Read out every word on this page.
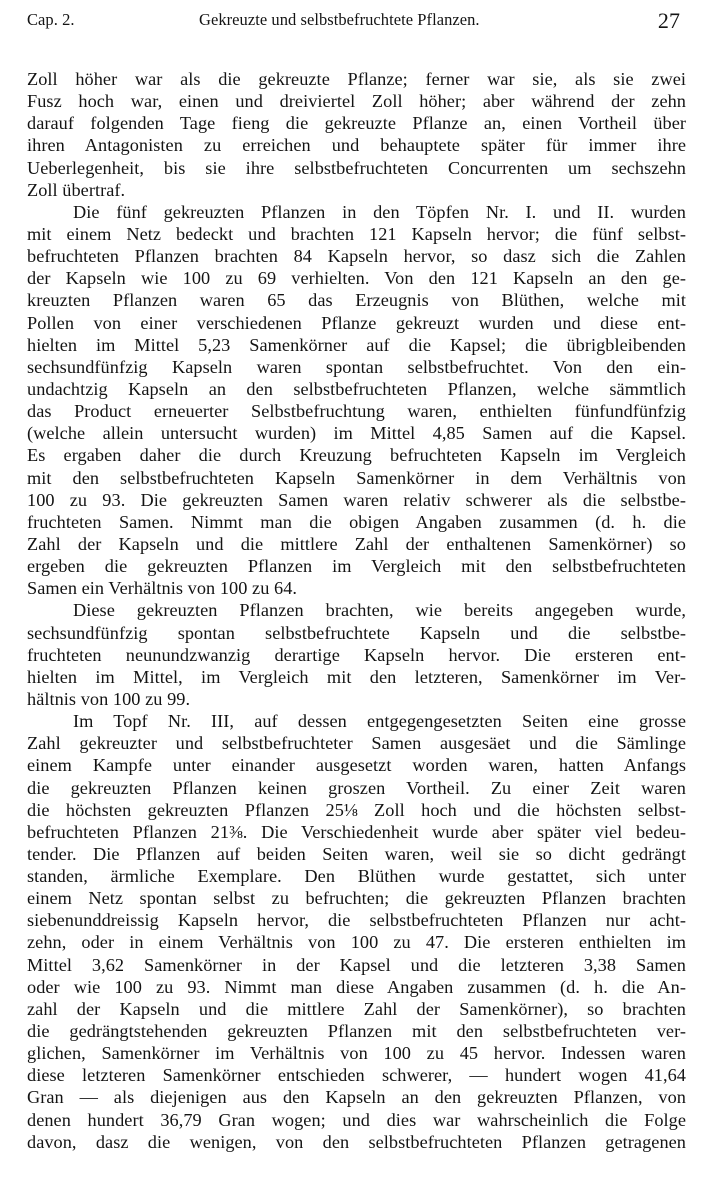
Cap. 2.	Gekreuzte und selbstbefruchtete Pflanzen.	27
Zoll höher war als die gekreuzte Pflanze; ferner war sie, als sie zwei
Fusz hoch war, einen und dreiviertel Zoll höher; aber während der zehn
darauf folgenden Tage fieng die gekreuzte Pflanze an, einen Vortheil über
ihren Antagonisten zu erreichen und behauptete später für immer ihre
Ueberlegenheit, bis sie ihre selbstbefruchteten Concurrenten um sechszehn
Zoll übertraf.
Die fünf gekreuzten Pflanzen in den Töpfen Nr. I. und II. wurden
mit einem Netz bedeckt und brachten 121 Kapseln hervor; die fünf selbst-
befruchteten Pflanzen brachten 84 Kapseln hervor, so dasz sich die Zahlen
der Kapseln wie 100 zu 69 verhielten. Von den 121 Kapseln an den ge-
kreuzten Pflanzen waren 65 das Erzeugnis von Blüthen, welche mit
Pollen von einer verschiedenen Pflanze gekreuzt wurden und diese ent-
hielten im Mittel 5,23 Samenkörner auf die Kapsel; die übrigbleibenden
sechsundfünfzig Kapseln waren spontan selbstbefruchtet. Von den ein-
undachtzig Kapseln an den selbstbefruchteten Pflanzen, welche sämmtlich
das Product erneuerter Selbstbefruchtung waren, enthielten fünfundfünfzig
(welche allein untersucht wurden) im Mittel 4,85 Samen auf die Kapsel.
Es ergaben daher die durch Kreuzung befruchteten Kapseln im Vergleich
mit den selbstbefruchteten Kapseln Samenkörner in dem Verhältnis von
100 zu 93. Die gekreuzten Samen waren relativ schwerer als die selbstbe-
fruchteten Samen. Nimmt man die obigen Angaben zusammen (d. h. die
Zahl der Kapseln und die mittlere Zahl der enthaltenen Samenkörner) so
ergeben die gekreuzten Pflanzen im Vergleich mit den selbstbefruchteten
Samen ein Verhältnis von 100 zu 64.
Diese gekreuzten Pflanzen brachten, wie bereits angegeben wurde,
sechsundfünfzig spontan selbstbefruchtete Kapseln und die selbstbe-
fruchteten neunundzwanzig derartige Kapseln hervor. Die ersteren ent-
hielten im Mittel, im Vergleich mit den letzteren, Samenkörner im Ver-
hältnis von 100 zu 99.
Im Topf Nr. III, auf dessen entgegengesetzten Seiten eine grosse
Zahl gekreuzter und selbstbefruchteter Samen ausgesäet und die Sämlinge
einem Kampfe unter einander ausgesetzt worden waren, hatten Anfangs
die gekreuzten Pflanzen keinen groszen Vortheil. Zu einer Zeit waren
die höchsten gekreuzten Pflanzen 25⅛ Zoll hoch und die höchsten selbst-
befruchteten Pflanzen 21⅜. Die Verschiedenheit wurde aber später viel bedeu-
tender. Die Pflanzen auf beiden Seiten waren, weil sie so dicht gedrängt
standen, ärmliche Exemplare. Den Blüthen wurde gestattet, sich unter
einem Netz spontan selbst zu befruchten; die gekreuzten Pflanzen brachten
siebenunddreissig Kapseln hervor, die selbstbefruchteten Pflanzen nur acht-
zehn, oder in einem Verhältnis von 100 zu 47. Die ersteren enthielten im
Mittel 3,62 Samenkörner in der Kapsel und die letzteren 3,38 Samen
oder wie 100 zu 93. Nimmt man diese Angaben zusammen (d. h. die An-
zahl der Kapseln und die mittlere Zahl der Samenkörner), so brachten
die gedrängtstehenden gekreuzten Pflanzen mit den selbstbefruchteten ver-
glichen, Samenkörner im Verhältnis von 100 zu 45 hervor. Indessen waren
diese letzteren Samenkörner entschieden schwerer, — hundert wogen 41,64
Gran — als diejenigen aus den Kapseln an den gekreuzten Pflanzen, von
denen hundert 36,79 Gran wogen; und dies war wahrscheinlich die Folge
davon, dasz die wenigen, von den selbstbefruchteten Pflanzen getragenen
